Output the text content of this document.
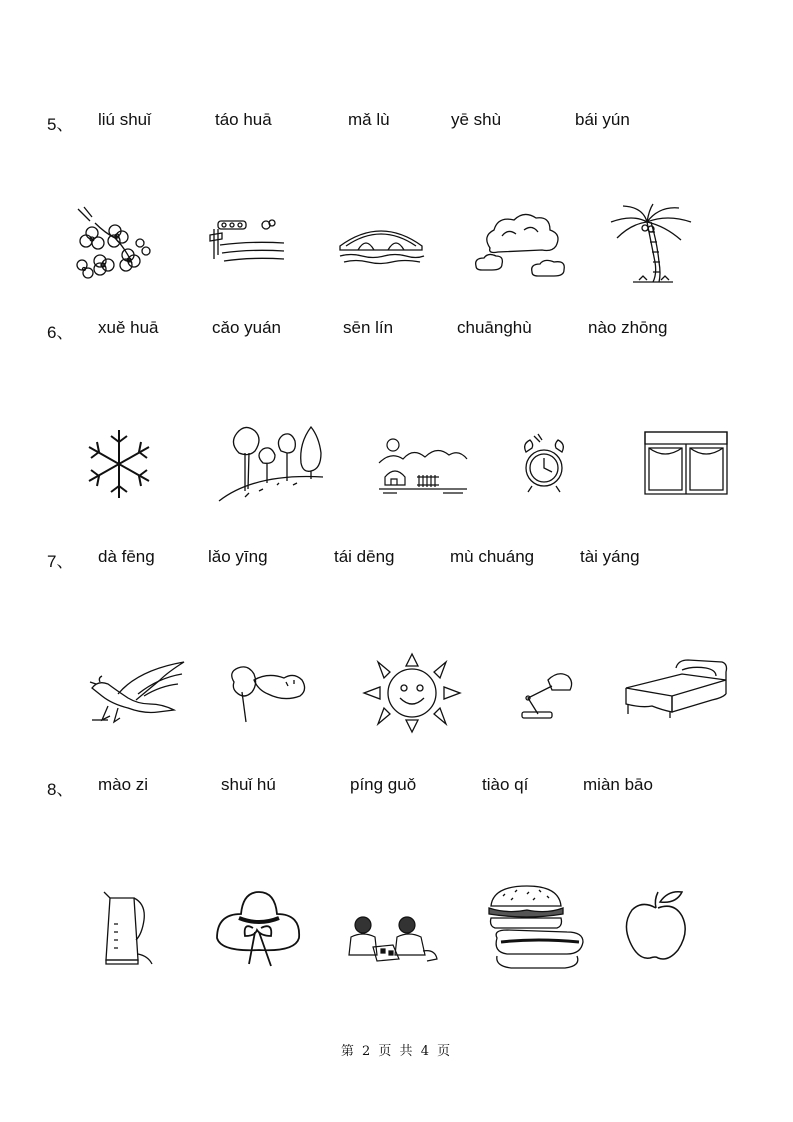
5、 liú shuǐ	táo huā	mǎ lù	yē shù	bái yún
6、 xuě huā	cǎo yuán	sēn lín	chuānghù	nào zhōng
7、 dà fēng	lǎo yīng	tái dēng	mù chuáng	tài yáng
8、 mào zi	shuǐ hú	píng guǒ	tiào qí	miàn bāo
第 2 页 共 4 页
